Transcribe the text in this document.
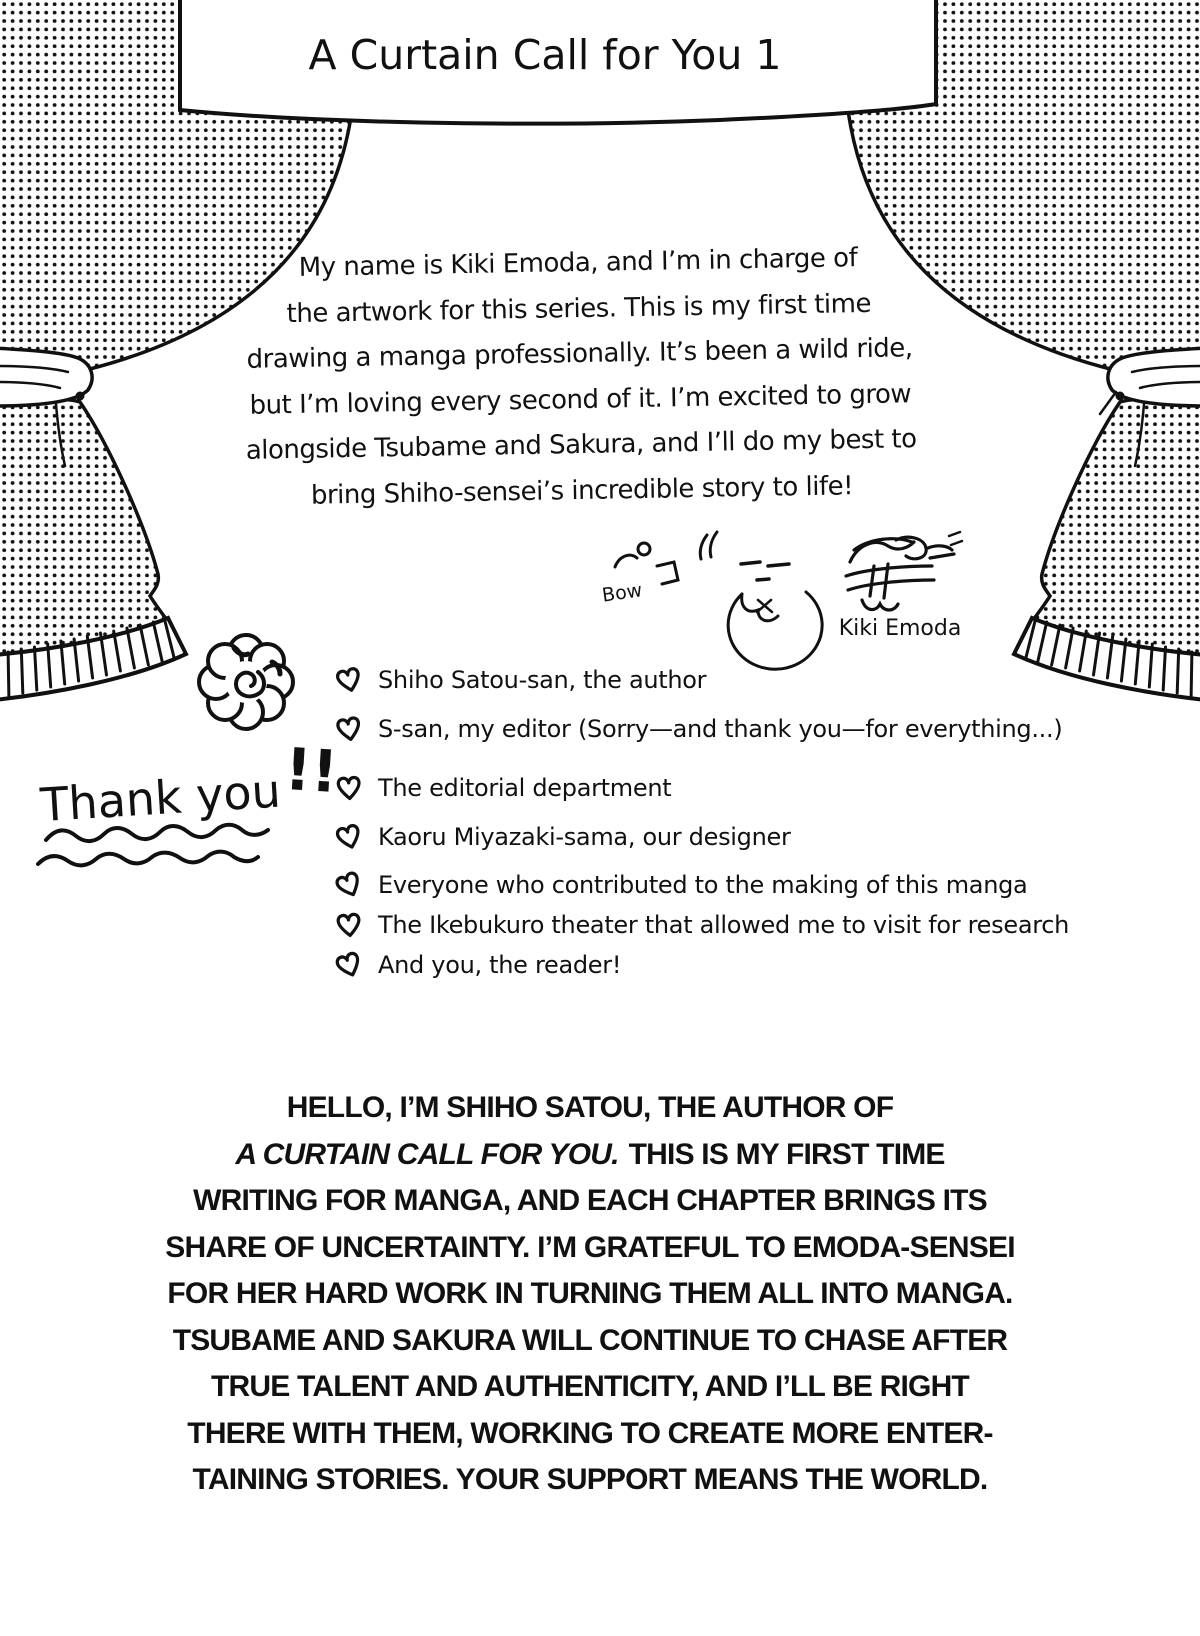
A Curtain Call for You 1
My name is Kiki Emoda, and I’m in charge of
the artwork for this series. This is my first time
drawing a manga professionally. It’s been a wild ride,
but I’m loving every second of it. I’m excited to grow
alongside Tsubame and Sakura, and I’ll do my best to
bring Shiho-sensei’s incredible story to life!
Bow
Kiki Emoda
Thank you!!
Shiho Satou-san, the author
S-san, my editor (Sorry—and thank you—for everything...)
The editorial department
Kaoru Miyazaki-sama, our designer
Everyone who contributed to the making of this manga
The Ikebukuro theater that allowed me to visit for research
And you, the reader!
HELLO, I’M SHIHO SATOU, THE AUTHOR OF
A CURTAIN CALL FOR YOU. THIS IS MY FIRST TIME
WRITING FOR MANGA, AND EACH CHAPTER BRINGS ITS
SHARE OF UNCERTAINTY. I’M GRATEFUL TO EMODA-SENSEI
FOR HER HARD WORK IN TURNING THEM ALL INTO MANGA.
TSUBAME AND SAKURA WILL CONTINUE TO CHASE AFTER
TRUE TALENT AND AUTHENTICITY, AND I’LL BE RIGHT
THERE WITH THEM, WORKING TO CREATE MORE ENTER-
TAINING STORIES. YOUR SUPPORT MEANS THE WORLD.
